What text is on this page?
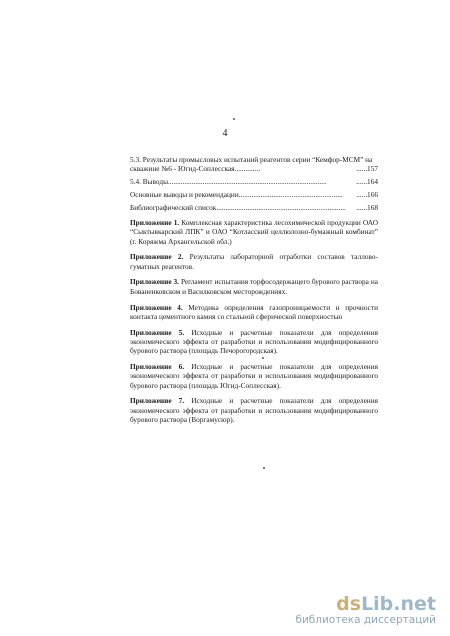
4
5.3. Результаты промысловых испытаний реагентов серии “Кемфор-МСМ” на скважине №6 - Югид-Соплесская..............	......157
5.4. Выводы.......................................................................................	......164
Основные выводы и рекомендации......................................................... ......166
Библиографический список....................................................................... ......168
Приложение 1. Комплексная характеристика лесохимической продукции ОАО “Сыктывкарский ЛПК” и ОАО “Котласский целлюлозно-бумажный комбинат” (г. Коряжма Архангельской обл.)
Приложение 2. Результаты лабораторной отработки составов таллово-гуматных реагентов.
Приложение 3. Регламент испытания торфосодержащего бурового раствора на Бованенковском и Василковском месторождениях.
Приложение 4. Методика определения газопроницаемости и прочности контакта цементного камня со стальной сферической поверхностью
Приложение 5. Исходные и расчетные показатели для определения экономического эффекта от разработки и использования модифицированного бурового раствора (площадь Печорогородская).
Приложение 6. Исходные и расчетные показатели для определения экономического эффекта от разработки и использования модифицированного бурового раствора (площадь Югид-Соплесская).
Приложение 7. Исходные и расчетные показатели для определения экономического эффекта от разработки и использования модифицированного бурового раствора (Воргамусюр).
dsLib.net
библиотека диссертаций
